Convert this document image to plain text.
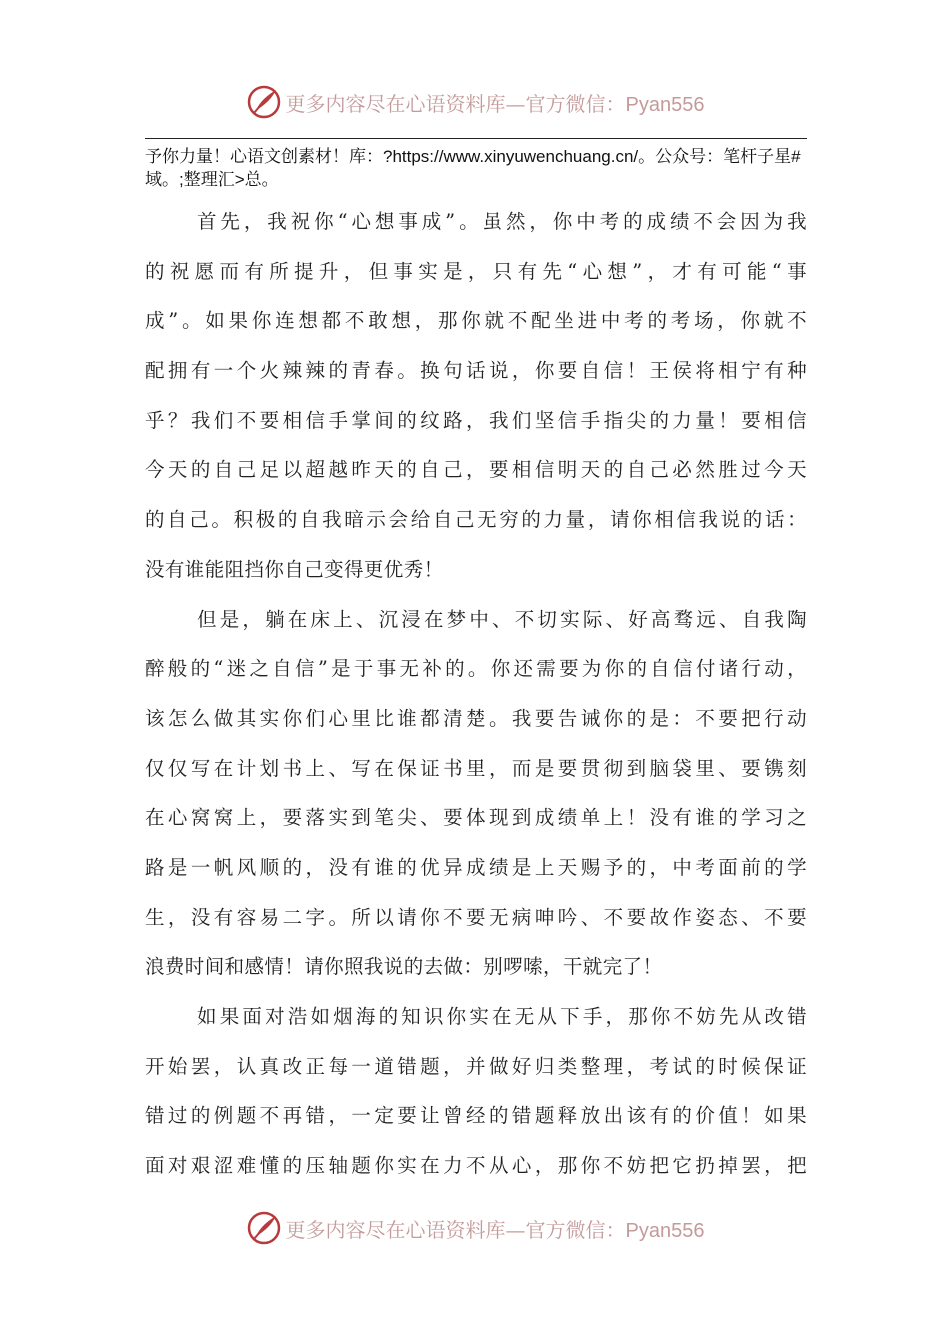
更多内容尽在心语资料库—官方微信：Pyan556
予你力量！心语文创素材！库：?https://www.xinyuwenchuang.cn/。公众号：笔杆子星#域。;整理汇>总。
首先，我祝你“心想事成”。虽然，你中考的成绩不会因为我
的祝愿而有所提升，但事实是，只有先“心想”，才有可能“事
成”。如果你连想都不敢想，那你就不配坐进中考的考场，你就不
配拥有一个火辣辣的青春。换句话说，你要自信！王侯将相宁有种
乎？我们不要相信手掌间的纹路，我们坚信手指尖的力量！要相信
今天的自己足以超越昨天的自己，要相信明天的自己必然胜过今天
的自己。积极的自我暗示会给自己无穷的力量，请你相信我说的话：
没有谁能阻挡你自己变得更优秀！
但是，躺在床上、沉浸在梦中、不切实际、好高骛远、自我陶
醉般的“迷之自信”是于事无补的。你还需要为你的自信付诸行动，
该怎么做其实你们心里比谁都清楚。我要告诫你的是：不要把行动
仅仅写在计划书上、写在保证书里，而是要贯彻到脑袋里、要镌刻
在心窝窝上，要落实到笔尖、要体现到成绩单上！没有谁的学习之
路是一帆风顺的，没有谁的优异成绩是上天赐予的，中考面前的学
生，没有容易二字。所以请你不要无病呻吟、不要故作姿态、不要
浪费时间和感情！请你照我说的去做：别啰嗦，干就完了！
如果面对浩如烟海的知识你实在无从下手，那你不妨先从改错
开始罢，认真改正每一道错题，并做好归类整理，考试的时候保证
错过的例题不再错，一定要让曾经的错题释放出该有的价值！如果
面对艰涩难懂的压轴题你实在力不从心，那你不妨把它扔掉罢，把
更多内容尽在心语资料库—官方微信：Pyan556
